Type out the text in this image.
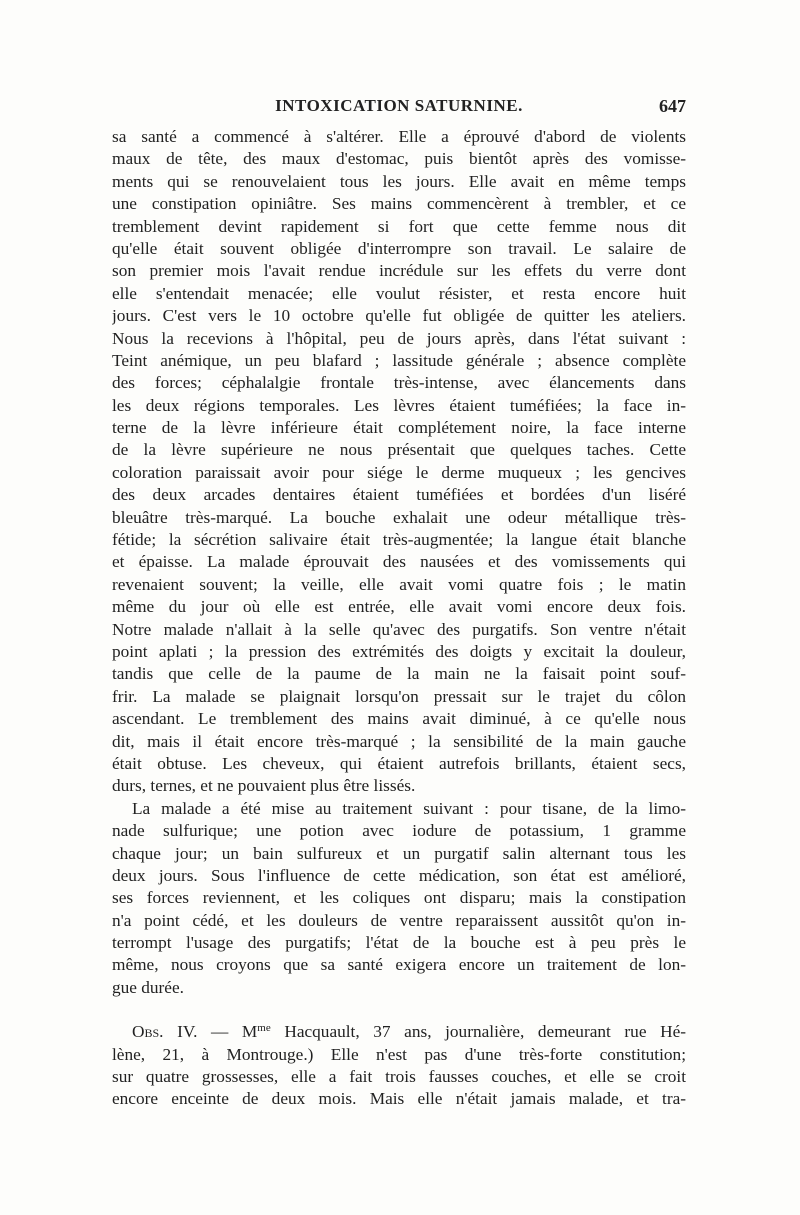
INTOXICATION SATURNINE.	647
sa santé a commencé à s'altérer. Elle a éprouvé d'abord de violents
maux de tête, des maux d'estomac, puis bientôt après des vomisse-
ments qui se renouvelaient tous les jours. Elle avait en même temps
une constipation opiniâtre. Ses mains commencèrent à trembler, et ce
tremblement devint rapidement si fort que cette femme nous dit
qu'elle était souvent obligée d'interrompre son travail. Le salaire de
son premier mois l'avait rendue incrédule sur les effets du verre dont
elle s'entendait menacée; elle voulut résister, et resta encore huit
jours. C'est vers le 10 octobre qu'elle fut obligée de quitter les ateliers.
Nous la recevions à l'hôpital, peu de jours après, dans l'état suivant :
Teint anémique, un peu blafard ; lassitude générale ; absence complète
des forces; céphalalgie frontale très-intense, avec élancements dans
les deux régions temporales. Les lèvres étaient tuméfiées; la face in-
terne de la lèvre inférieure était complétement noire, la face interne
de la lèvre supérieure ne nous présentait que quelques taches. Cette
coloration paraissait avoir pour siége le derme muqueux ; les gencives
des deux arcades dentaires étaient tuméfiées et bordées d'un liséré
bleuâtre très-marqué. La bouche exhalait une odeur métallique très-
fétide; la sécrétion salivaire était très-augmentée; la langue était blanche
et épaisse. La malade éprouvait des nausées et des vomissements qui
revenaient souvent; la veille, elle avait vomi quatre fois ; le matin
même du jour où elle est entrée, elle avait vomi encore deux fois.
Notre malade n'allait à la selle qu'avec des purgatifs. Son ventre n'était
point aplati ; la pression des extrémités des doigts y excitait la douleur,
tandis que celle de la paume de la main ne la faisait point souf-
frir. La malade se plaignait lorsqu'on pressait sur le trajet du côlon
ascendant. Le tremblement des mains avait diminué, à ce qu'elle nous
dit, mais il était encore très-marqué ; la sensibilité de la main gauche
était obtuse. Les cheveux, qui étaient autrefois brillants, étaient secs,
durs, ternes, et ne pouvaient plus être lissés.
La malade a été mise au traitement suivant : pour tisane, de la limo-
nade sulfurique; une potion avec iodure de potassium, 1 gramme
chaque jour; un bain sulfureux et un purgatif salin alternant tous les
deux jours. Sous l'influence de cette médication, son état est amélioré,
ses forces reviennent, et les coliques ont disparu; mais la constipation
n'a point cédé, et les douleurs de ventre reparaissent aussitôt qu'on in-
terrompt l'usage des purgatifs; l'état de la bouche est à peu près le
même, nous croyons que sa santé exigera encore un traitement de lon-
gue durée.
Obs. IV. — $M^{me}$ Hacquault, 37 ans, journalière, demeurant rue Hé-
lène, 21, à Montrouge.) Elle n'est pas d'une très-forte constitution;
sur quatre grossesses, elle a fait trois fausses couches, et elle se croit
encore enceinte de deux mois. Mais elle n'était jamais malade, et tra-
